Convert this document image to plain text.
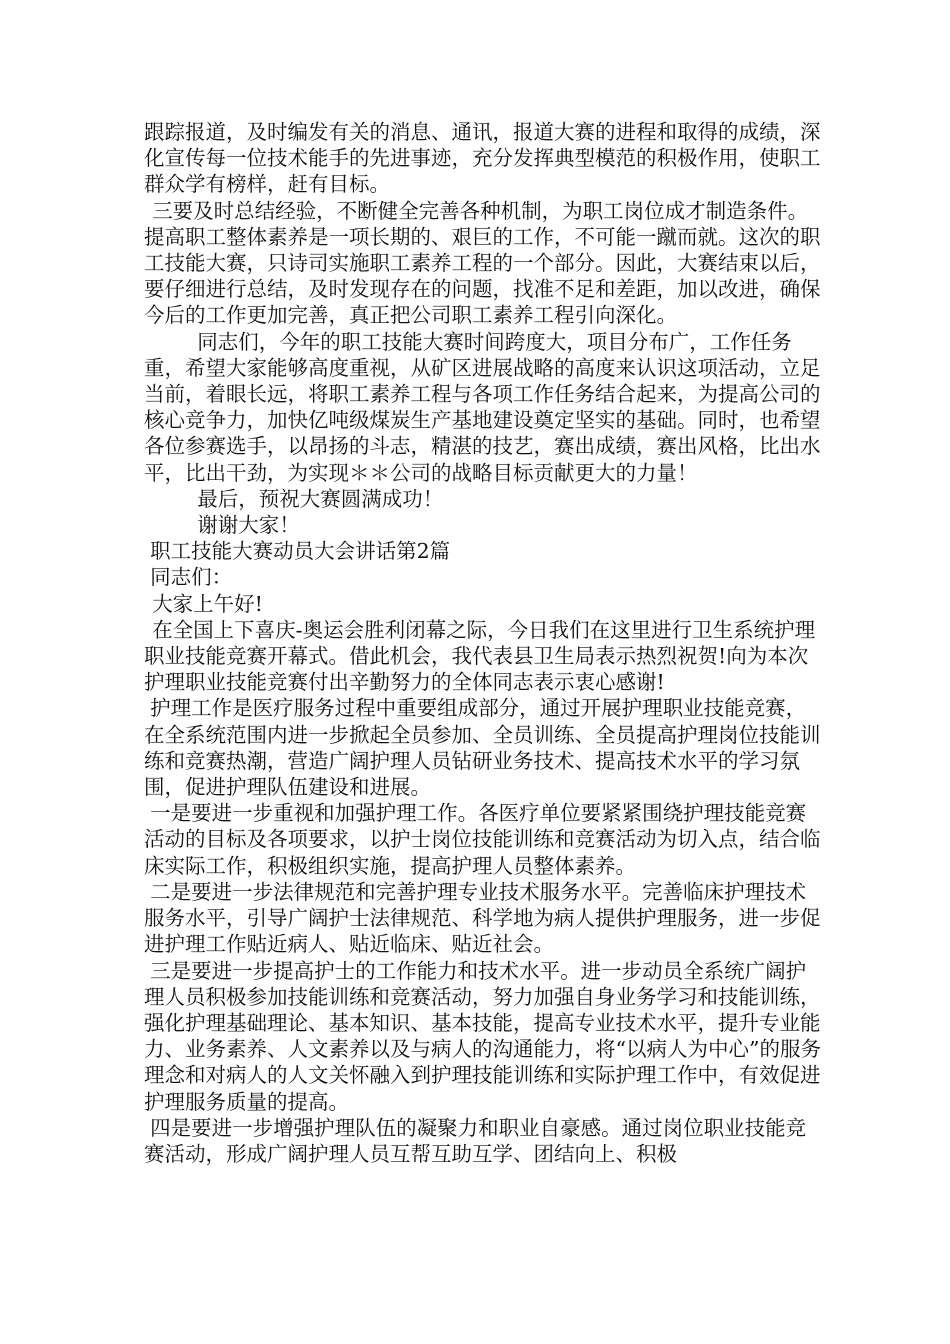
跟踪报道，及时编发有关的消息、通讯，报道大赛的进程和取得的成绩，深化宣传每一位技术能手的先进事迹，充分发挥典型模范的积极作用，使职工群众学有榜样，赶有目标。

三要及时总结经验，不断健全完善各种机制，为职工岗位成才制造条件。提高职工整体素养是一项长期的、艰巨的工作，不可能一蹴而就。这次的职工技能大赛，只诗司实施职工素养工程的一个部分。因此，大赛结束以后，要仔细进行总结，及时发现存在的问题，找准不足和差距，加以改进，确保今后的工作更加完善，真正把公司职工素养工程引向深化。

同志们，今年的职工技能大赛时间跨度大，项目分布广，工作任务重，希望大家能够高度重视，从矿区进展战略的高度来认识这项活动，立足当前，着眼长远，将职工素养工程与各项工作任务结合起来，为提高公司的核心竞争力，加快亿吨级煤炭生产基地建设奠定坚实的基础。同时，也希望各位参赛选手，以昂扬的斗志，精湛的技艺，赛出成绩，赛出风格，比出水平，比出干劲，为实现＊＊公司的战略目标贡献更大的力量！

最后，预祝大赛圆满成功！

谢谢大家！

职工技能大赛动员大会讲话第2篇

同志们：

大家上午好!

在全国上下喜庆-奥运会胜利闭幕之际，今日我们在这里进行卫生系统护理职业技能竞赛开幕式。借此机会，我代表县卫生局表示热烈祝贺!向为本次护理职业技能竞赛付出辛勤努力的全体同志表示衷心感谢!

护理工作是医疗服务过程中重要组成部分，通过开展护理职业技能竞赛，在全系统范围内进一步掀起全员参加、全员训练、全员提高护理岗位技能训练和竞赛热潮，营造广阔护理人员钻研业务技术、提高技术水平的学习氛围，促进护理队伍建设和进展。

一是要进一步重视和加强护理工作。各医疗单位要紧紧围绕护理技能竞赛活动的目标及各项要求，以护士岗位技能训练和竞赛活动为切入点，结合临床实际工作，积极组织实施，提高护理人员整体素养。

二是要进一步法律规范和完善护理专业技术服务水平。完善临床护理技术服务水平，引导广阔护士法律规范、科学地为病人提供护理服务，进一步促进护理工作贴近病人、贴近临床、贴近社会。

三是要进一步提高护士的工作能力和技术水平。进一步动员全系统广阔护理人员积极参加技能训练和竞赛活动，努力加强自身业务学习和技能训练，强化护理基础理论、基本知识、基本技能，提高专业技术水平，提升专业能力、业务素养、人文素养以及与病人的沟通能力，将“以病人为中心”的服务理念和对病人的人文关怀融入到护理技能训练和实际护理工作中，有效促进护理服务质量的提高。

四是要进一步增强护理队伍的凝聚力和职业自豪感。通过岗位职业技能竞赛活动，形成广阔护理人员互帮互助互学、团结向上、积极
